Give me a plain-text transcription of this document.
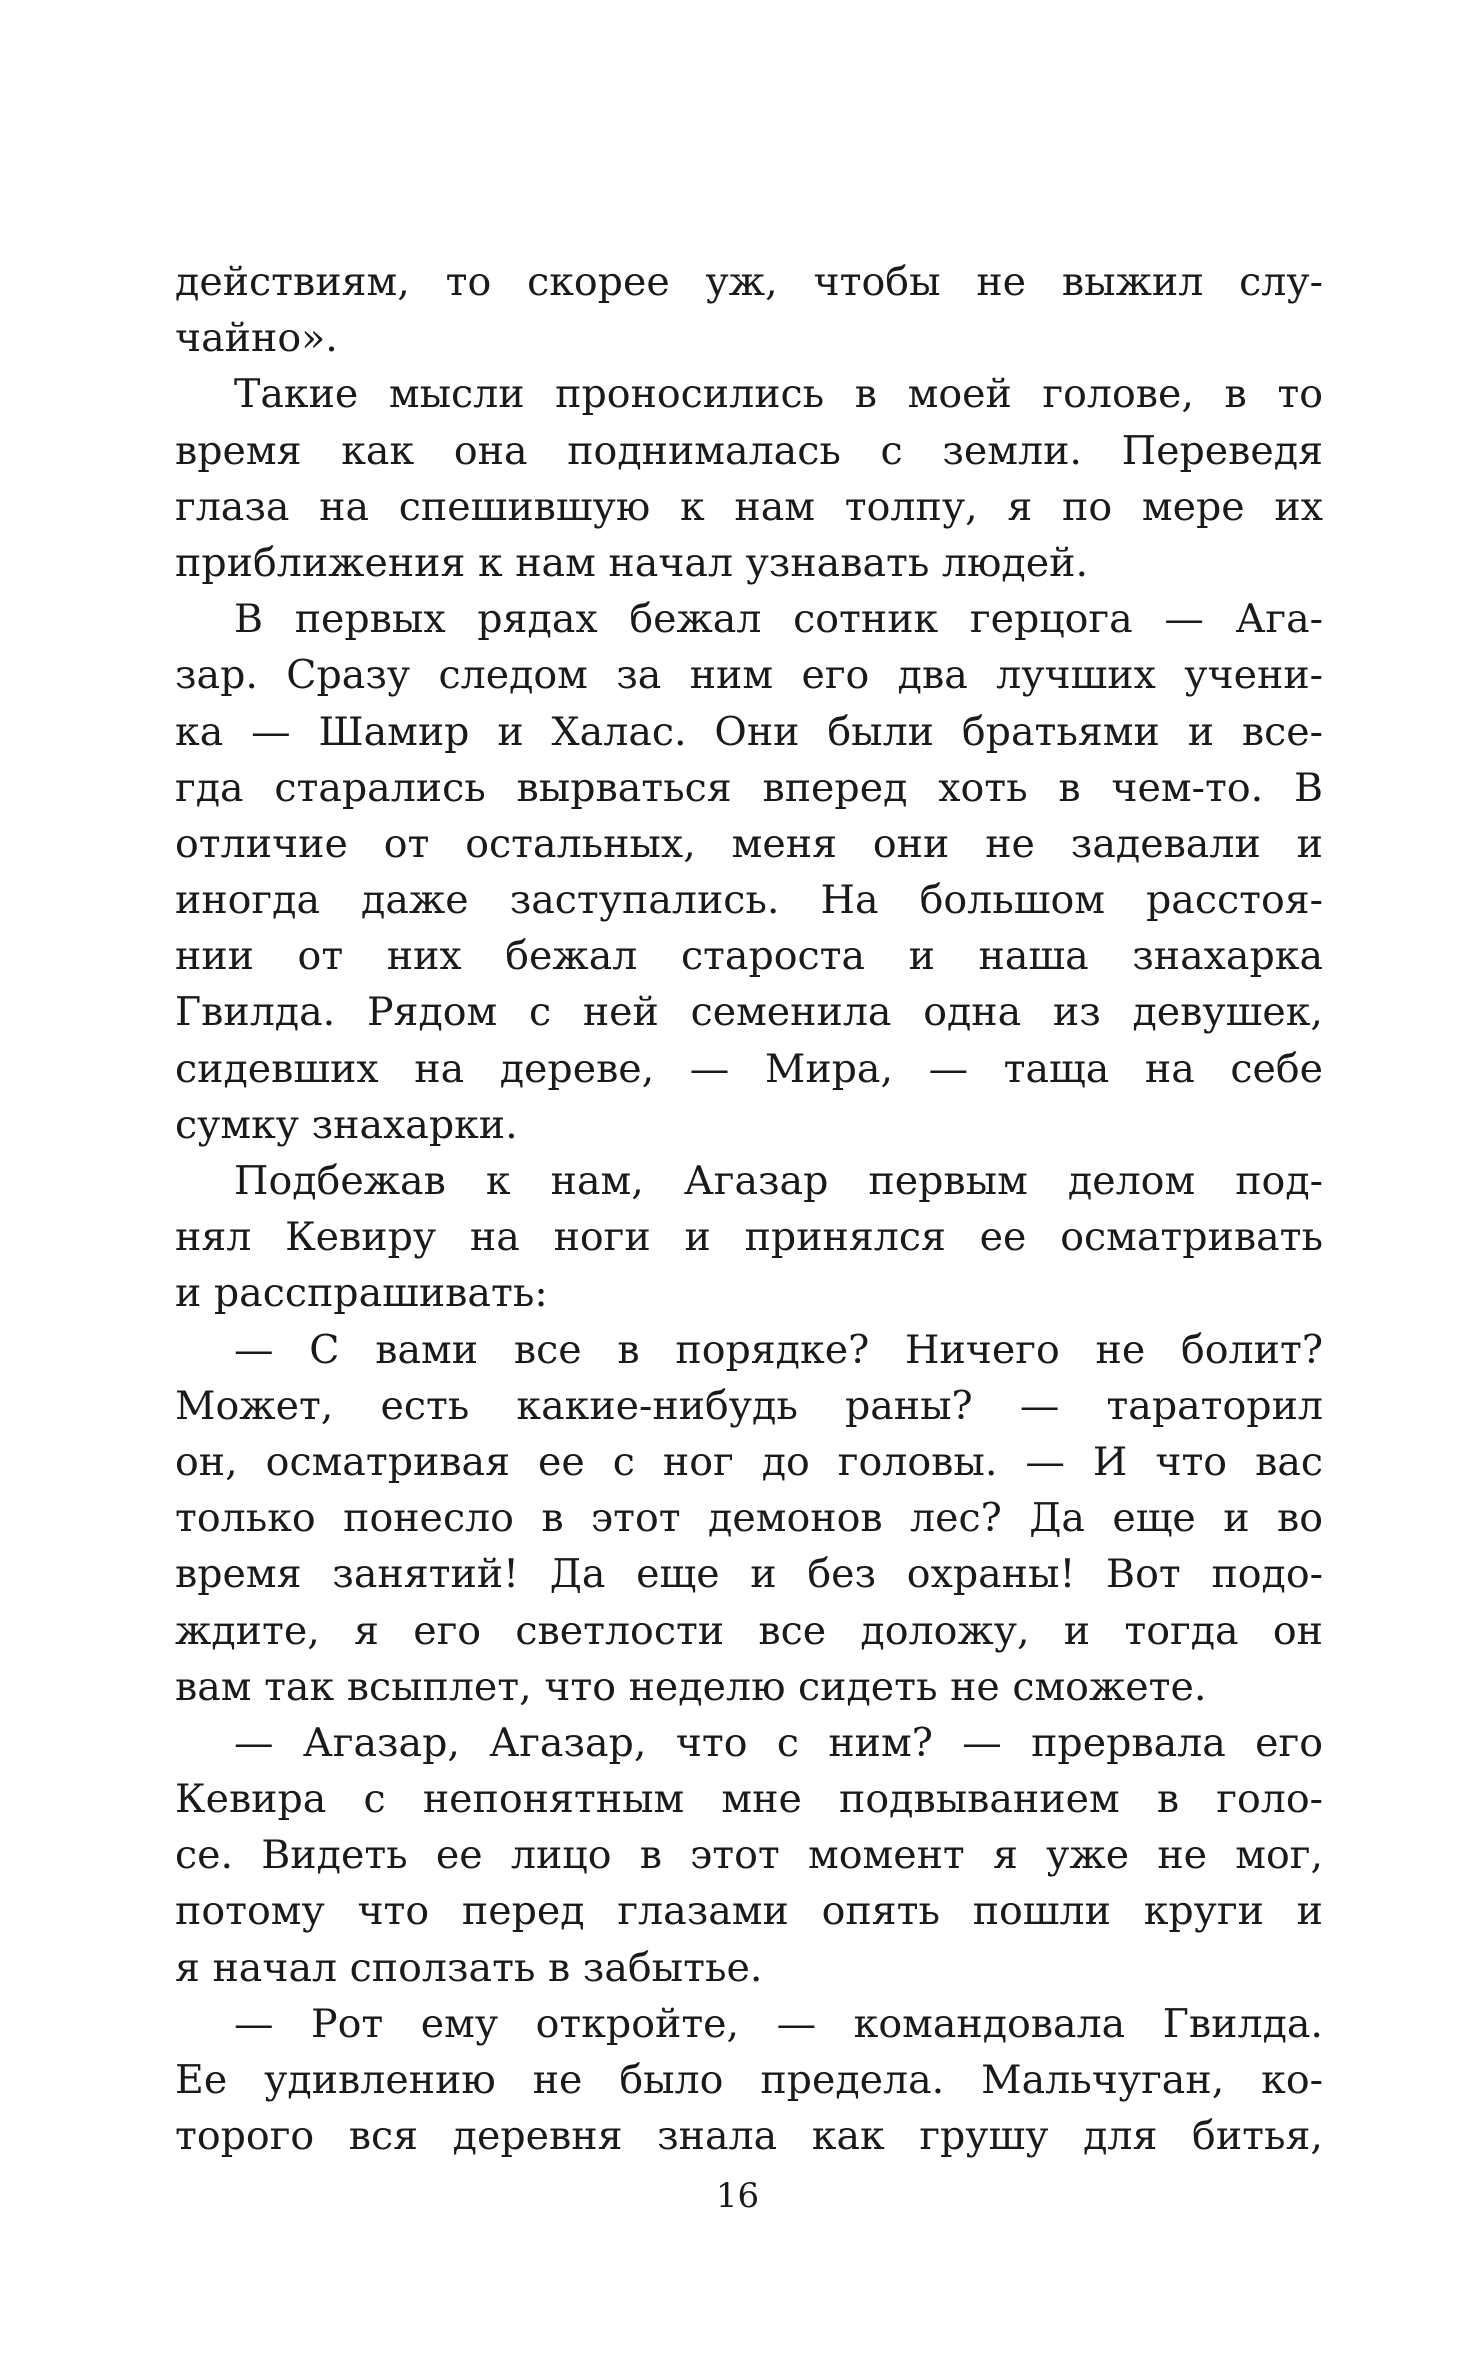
действиям, то скорее уж, чтобы не выжил слу-
чайно».
Такие мысли проносились в моей голове, в то
время как она поднималась с земли. Переведя
глаза на спешившую к нам толпу, я по мере их
приближения к нам начал узнавать людей.
В первых рядах бежал сотник герцога — Ага-
зар. Сразу следом за ним его два лучших учени-
ка — Шамир и Халас. Они были братьями и все-
гда старались вырваться вперед хоть в чем-то. В
отличие от остальных, меня они не задевали и
иногда даже заступались. На большом расстоя-
нии от них бежал староста и наша знахарка
Гвилда. Рядом с ней семенила одна из девушек,
сидевших на дереве, — Мира, — таща на себе
сумку знахарки.
Подбежав к нам, Агазар первым делом под-
нял Кевиру на ноги и принялся ее осматривать
и расспрашивать:
— С вами все в порядке? Ничего не болит?
Может, есть какие-нибудь раны? — тараторил
он, осматривая ее с ног до головы. — И что вас
только понесло в этот демонов лес? Да еще и во
время занятий! Да еще и без охраны! Вот подо-
ждите, я его светлости все доложу, и тогда он
вам так всыплет, что неделю сидеть не сможете.
— Агазар, Агазар, что с ним? — прервала его
Кевира с непонятным мне подвыванием в голо-
се. Видеть ее лицо в этот момент я уже не мог,
потому что перед глазами опять пошли круги и
я начал сползать в забытье.
— Рот ему откройте, — командовала Гвилда.
Ее удивлению не было предела. Мальчуган, ко-
торого вся деревня знала как грушу для битья,
16
